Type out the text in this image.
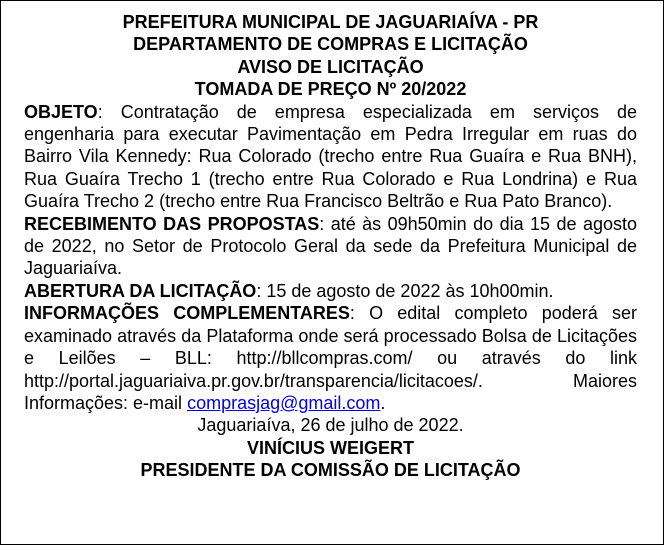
PREFEITURA MUNICIPAL DE JAGUARIAÍVA - PR

DEPARTAMENTO DE COMPRAS E LICITAÇÃO

AVISO DE LICITAÇÃO

TOMADA DE PREÇO Nº 20/2022

OBJETO: Contratação de empresa especializada em serviços de engenharia para executar Pavimentação em Pedra Irregular em ruas do Bairro Vila Kennedy: Rua Colorado (trecho entre Rua Guaíra e Rua BNH), Rua Guaíra Trecho 1 (trecho entre Rua Colorado e Rua Londrina) e Rua Guaíra Trecho 2 (trecho entre Rua Francisco Beltrão e Rua Pato Branco).

RECEBIMENTO DAS PROPOSTAS: até às 09h50min do dia 15 de agosto de 2022, no Setor de Protocolo Geral da sede da Prefeitura Municipal de Jaguariaíva.

ABERTURA DA LICITAÇÃO: 15 de agosto de 2022 às 10h00min.

INFORMAÇÕES COMPLEMENTARES: O edital completo poderá ser examinado através da Plataforma onde será processado Bolsa de Licitações e Leilões – BLL: http://bllcompras.com/ ou através do link http://portal.jaguariaiva.pr.gov.br/transparencia/licitacoes/. Maiores Informações: e-mail comprasjag@gmail.com.

Jaguariaíva, 26 de julho de 2022.

VINÍCIUS WEIGERT

PRESIDENTE DA COMISSÃO DE LICITAÇÃO
